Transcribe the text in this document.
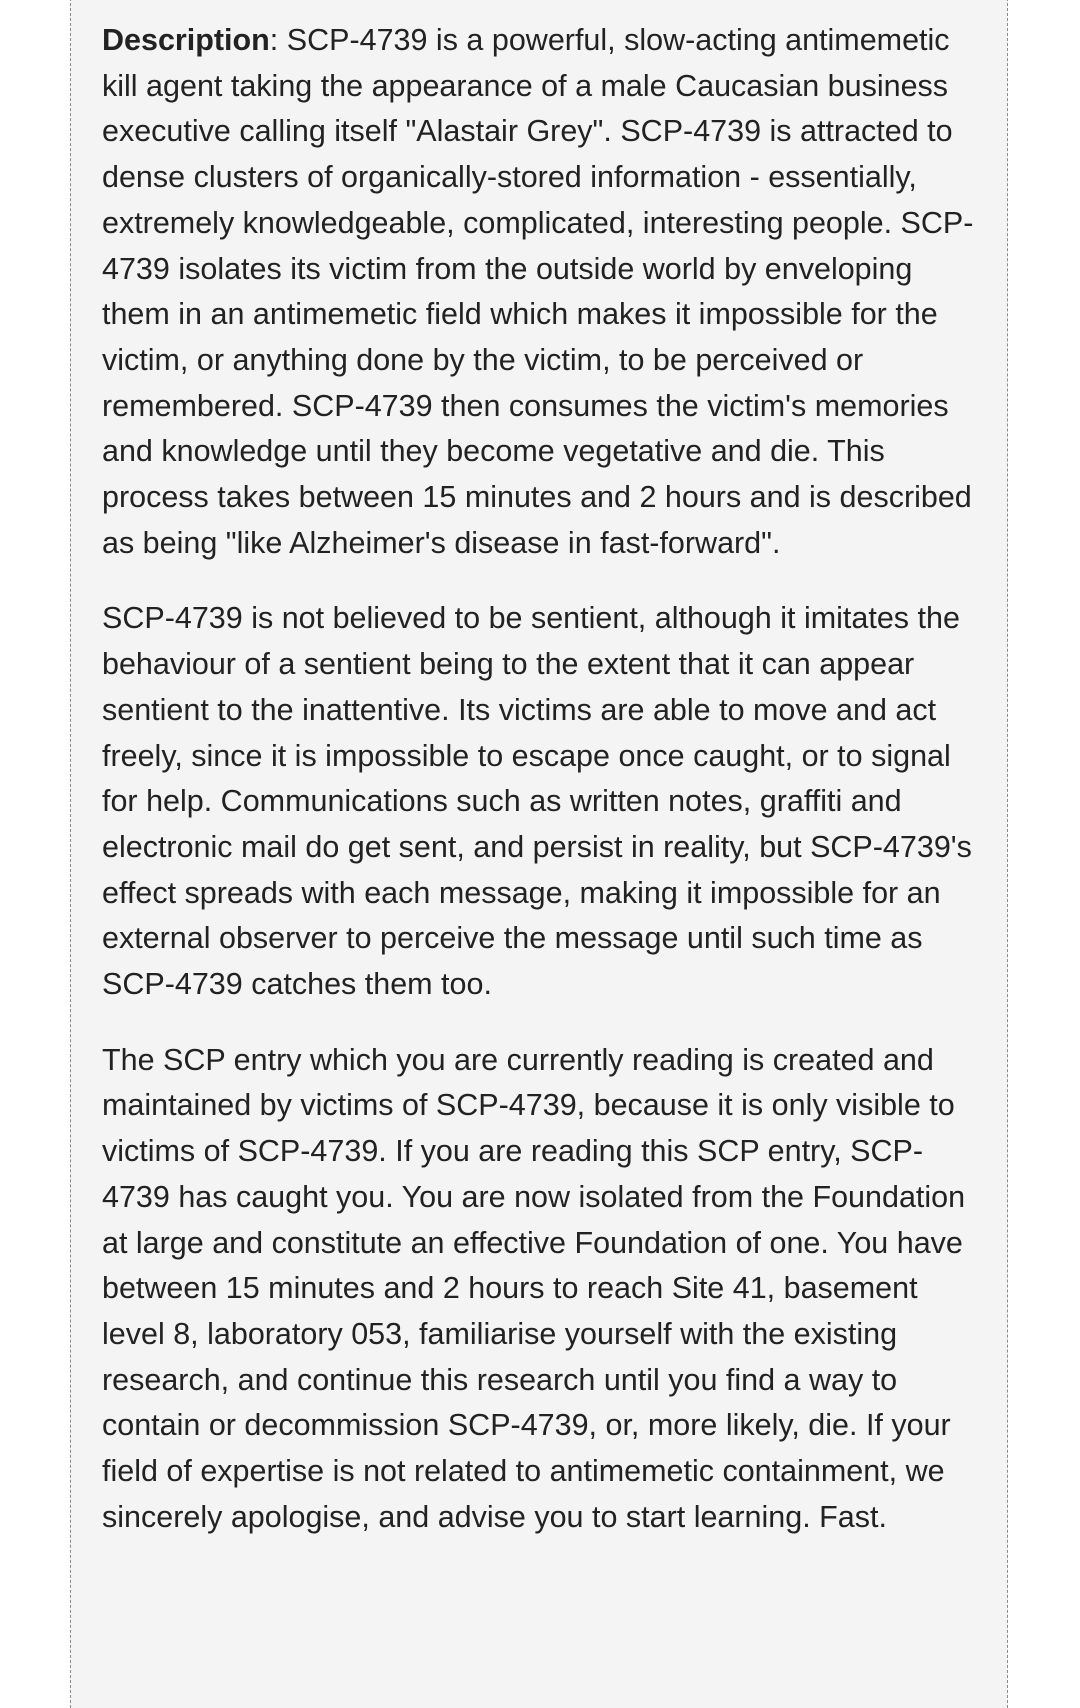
Description: SCP-4739 is a powerful, slow-acting antimemetic kill agent taking the appearance of a male Caucasian business executive calling itself "Alastair Grey". SCP-4739 is attracted to dense clusters of organically-stored information - essentially, extremely knowledgeable, complicated, interesting people. SCP-4739 isolates its victim from the outside world by enveloping them in an antimemetic field which makes it impossible for the victim, or anything done by the victim, to be perceived or remembered. SCP-4739 then consumes the victim's memories and knowledge until they become vegetative and die. This process takes between 15 minutes and 2 hours and is described as being "like Alzheimer's disease in fast-forward".

SCP-4739 is not believed to be sentient, although it imitates the behaviour of a sentient being to the extent that it can appear sentient to the inattentive. Its victims are able to move and act freely, since it is impossible to escape once caught, or to signal for help. Communications such as written notes, graffiti and electronic mail do get sent, and persist in reality, but SCP-4739's effect spreads with each message, making it impossible for an external observer to perceive the message until such time as SCP-4739 catches them too.

The SCP entry which you are currently reading is created and maintained by victims of SCP-4739, because it is only visible to victims of SCP-4739. If you are reading this SCP entry, SCP-4739 has caught you. You are now isolated from the Foundation at large and constitute an effective Foundation of one. You have between 15 minutes and 2 hours to reach Site 41, basement level 8, laboratory 053, familiarise yourself with the existing research, and continue this research until you find a way to contain or decommission SCP-4739, or, more likely, die. If your field of expertise is not related to antimemetic containment, we sincerely apologise, and advise you to start learning. Fast.
